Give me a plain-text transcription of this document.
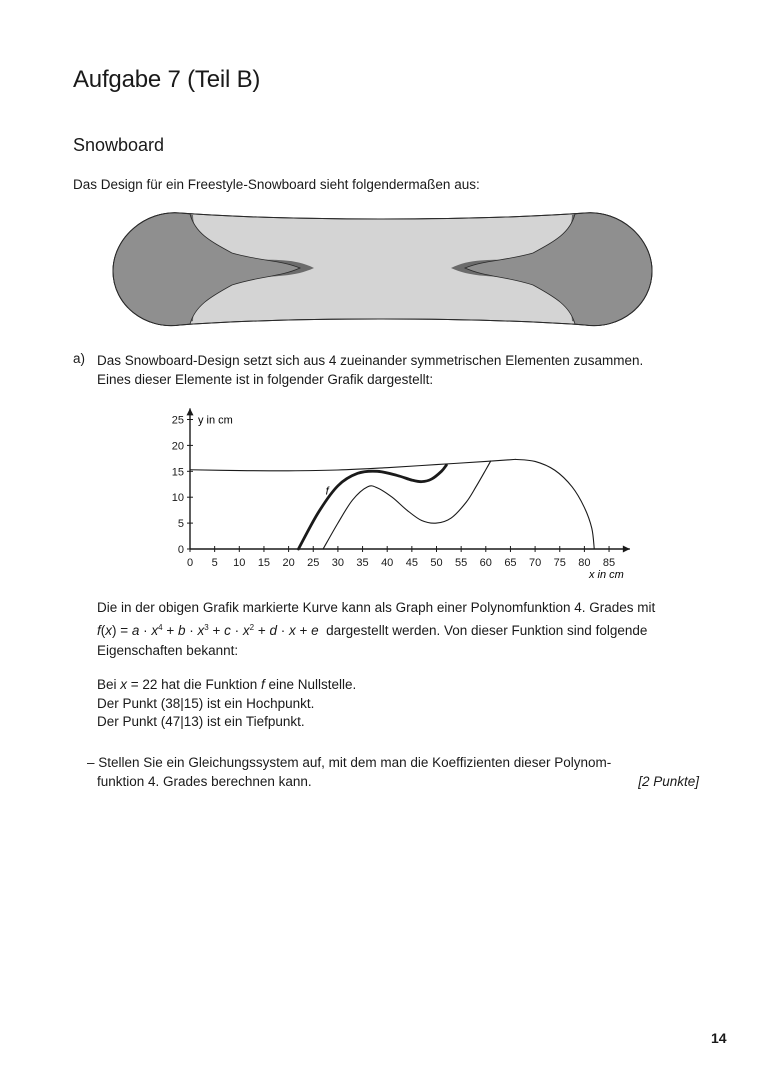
Aufgabe 7 (Teil B)
Snowboard
Das Design für ein Freestyle-Snowboard sieht folgendermaßen aus:
a) Das Snowboard-Design setzt sich aus 4 zueinander symmetrischen Elementen zusammen.
Eines dieser Elemente ist in folgender Grafik dargestellt:
0 5 10 15 20 25 30 35 40 45 50 55 60 65 70 75 80 85
0
5
10
15
20
25 y in cm
x in cm
f
Die in der obigen Grafik markierte Kurve kann als Graph einer Polynomfunktion 4. Grades mit
$f(x) = a \cdot x^4 + b \cdot x^3 + c \cdot x^2 + d \cdot x + e$ dargestellt werden. Von dieser Funktion sind folgende
Eigenschaften bekannt:
Bei x = 22 hat die Funktion f eine Nullstelle.
Der Punkt (38|15) ist ein Hochpunkt.
Der Punkt (47|13) ist ein Tiefpunkt.
– Stellen Sie ein Gleichungssystem auf, mit dem man die Koeffizienten dieser Polynom-
funktion 4. Grades berechnen kann.	[2 Punkte]
14
